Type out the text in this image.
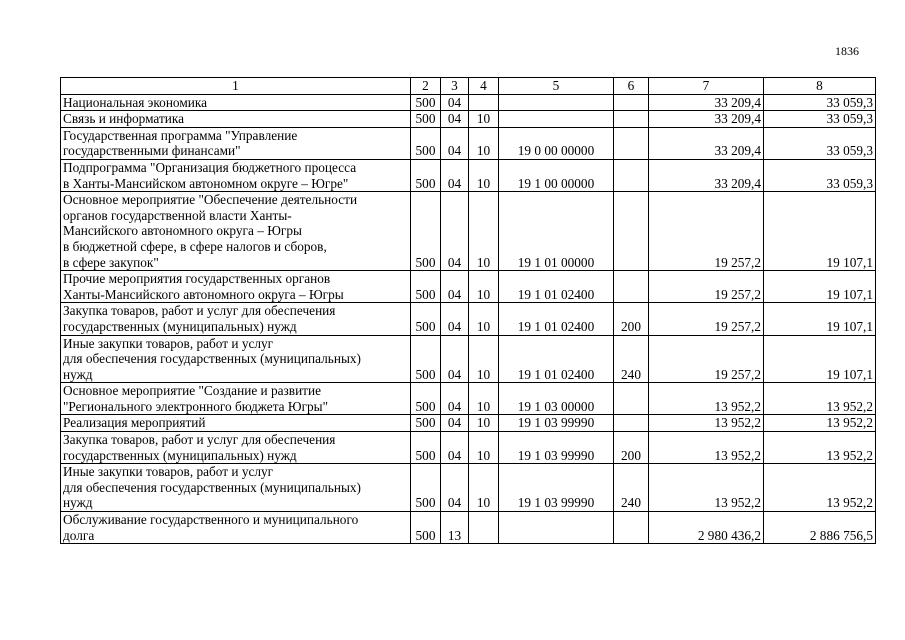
1836
1	2	3	4	5	6	7	8
Национальная экономика	500	04				33 209,4	33 059,3
Связь и информатика	500	04	10			33 209,4	33 059,3
Государственная программа "Управление
государственными финансами"	500	04	10	19 0 00 00000		33 209,4	33 059,3
Подпрограмма "Организация бюджетного процесса
в Ханты-Мансийском автономном округе – Югре"	500	04	10	19 1 00 00000		33 209,4	33 059,3
Основное мероприятие "Обеспечение деятельности
органов государственной власти Ханты-
Мансийского автономного округа – Югры
в бюджетной сфере, в сфере налогов и сборов,
в сфере закупок"	500	04	10	19 1 01 00000		19 257,2	19 107,1
Прочие мероприятия государственных органов
Ханты-Мансийского автономного округа – Югры	500	04	10	19 1 01 02400		19 257,2	19 107,1
Закупка товаров, работ и услуг для обеспечения
государственных (муниципальных) нужд	500	04	10	19 1 01 02400	200	19 257,2	19 107,1
Иные закупки товаров, работ и услуг
для обеспечения государственных (муниципальных)
нужд	500	04	10	19 1 01 02400	240	19 257,2	19 107,1
Основное мероприятие "Создание и развитие
"Регионального электронного бюджета Югры"	500	04	10	19 1 03 00000		13 952,2	13 952,2
Реализация мероприятий	500	04	10	19 1 03 99990		13 952,2	13 952,2
Закупка товаров, работ и услуг для обеспечения
государственных (муниципальных) нужд	500	04	10	19 1 03 99990	200	13 952,2	13 952,2
Иные закупки товаров, работ и услуг
для обеспечения государственных (муниципальных)
нужд	500	04	10	19 1 03 99990	240	13 952,2	13 952,2
Обслуживание государственного и муниципального
долга	500	13				2 980 436,2	2 886 756,5
